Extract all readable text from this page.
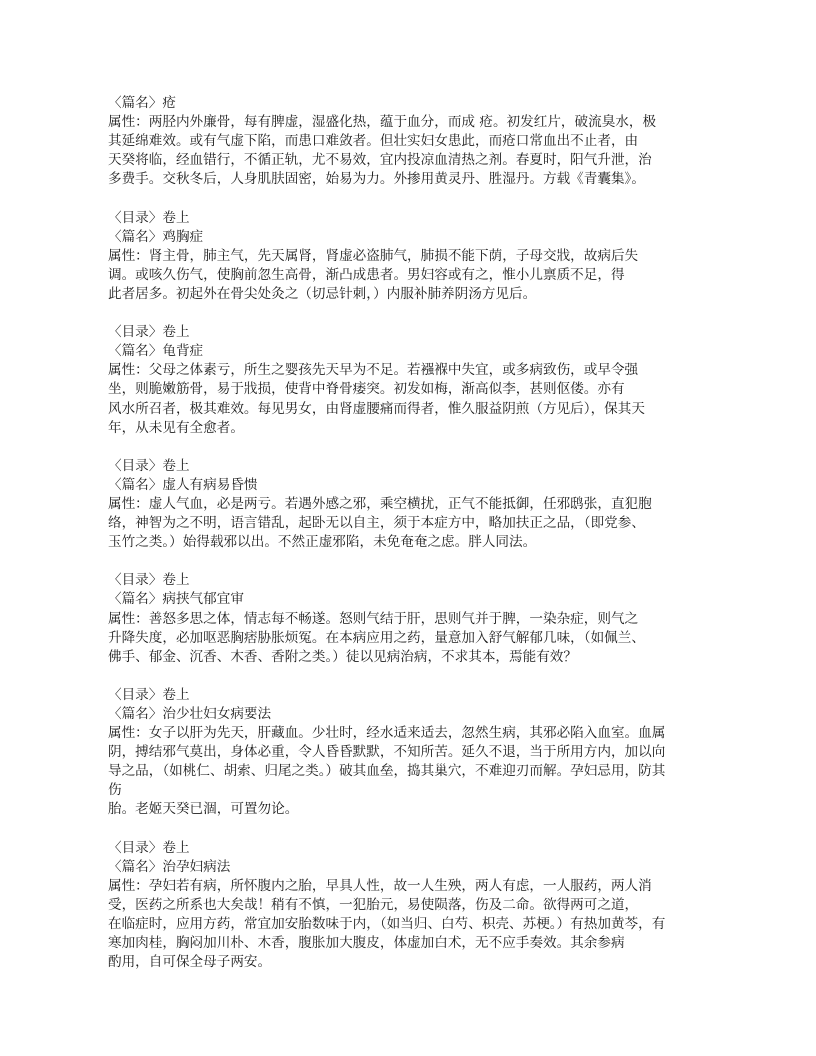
〈篇名〉疮
属性：两胫内外廉骨，每有脾虚，湿盛化热，蕴于血分，而成 疮。初发红片，破流臭水，极
其延绵难效。或有气虚下陷，而患口难敛者。但壮实妇女患此，而疮口常血出不止者，由
天癸将临，经血错行，不循正轨，尤不易效，宜内投凉血清热之剂。春夏时，阳气升泄，治
多费手。交秋冬后，人身肌肤固密，始易为力。外掺用黄灵丹、胜湿丹。方载《青囊集》。
〈目录〉卷上
〈篇名〉鸡胸症
属性：肾主骨，肺主气，先天属肾，肾虚必盗肺气，肺损不能下荫，子母交戕，故病后失
调。或咳久伤气，使胸前忽生高骨，渐凸成患者。男妇容或有之，惟小儿禀质不足，得
此者居多。初起外在骨尖处灸之（切忌针刺，）内服补肺养阴汤方见后。
〈目录〉卷上
〈篇名〉龟背症
属性：父母之体素亏，所生之婴孩先天早为不足。若襁褓中失宜，或多病致伤，或早令强
坐，则脆嫩筋骨，易于戕损，使背中脊骨痿突。初发如梅，渐高似李，甚则伛偻。亦有
风水所召者，极其难效。每见男女，由肾虚腰痛而得者，惟久服益阴煎（方见后），保其天
年，从未见有全愈者。
〈目录〉卷上
〈篇名〉虚人有病易昏愦
属性：虚人气血，必是两亏。若遇外感之邪，乘空横扰，正气不能抵御，任邪鸱张，直犯胞
络，神智为之不明，语言错乱，起卧无以自主，须于本症方中，略加扶正之品，（即党参、
玉竹之类。）始得载邪以出。不然正虚邪陷，未免奄奄之虑。胖人同法。
〈目录〉卷上
〈篇名〉病挟气郁宜审
属性：善怒多思之体，情志每不畅遂。怒则气结于肝，思则气并于脾，一染杂症，则气之
升降失度，必加呕恶胸痞胁胀烦冤。在本病应用之药，量意加入舒气解郁几味，（如佩兰、
佛手、郁金、沉香、木香、香附之类。）徒以见病治病，不求其本，焉能有效？
〈目录〉卷上
〈篇名〉治少壮妇女病要法
属性：女子以肝为先天，肝藏血。少壮时，经水适来适去，忽然生病，其邪必陷入血室。血属
阴，搏结邪气莫出，身体必重，令人昏昏默默，不知所苦。延久不退，当于所用方内，加以向
导之品，（如桃仁、胡索、归尾之类。）破其血垒，捣其巢穴，不难迎刃而解。孕妇忌用，防其
伤
胎。老姬天癸已涸，可置勿论。
〈目录〉卷上
〈篇名〉治孕妇病法
属性：孕妇若有病，所怀腹内之胎，早具人性，故一人生殃，两人有虑，一人服药，两人消
受，医药之所系也大矣哉！稍有不慎，一犯胎元，易使陨落，伤及二命。欲得两可之道，
在临症时，应用方药，常宜加安胎数味于内，（如当归、白芍、枳壳、苏梗。）有热加黄芩，有
寒加肉桂，胸闷加川朴、木香，腹胀加大腹皮，体虚加白术，无不应手奏效。其余参病
酌用，自可保全母子两安。
